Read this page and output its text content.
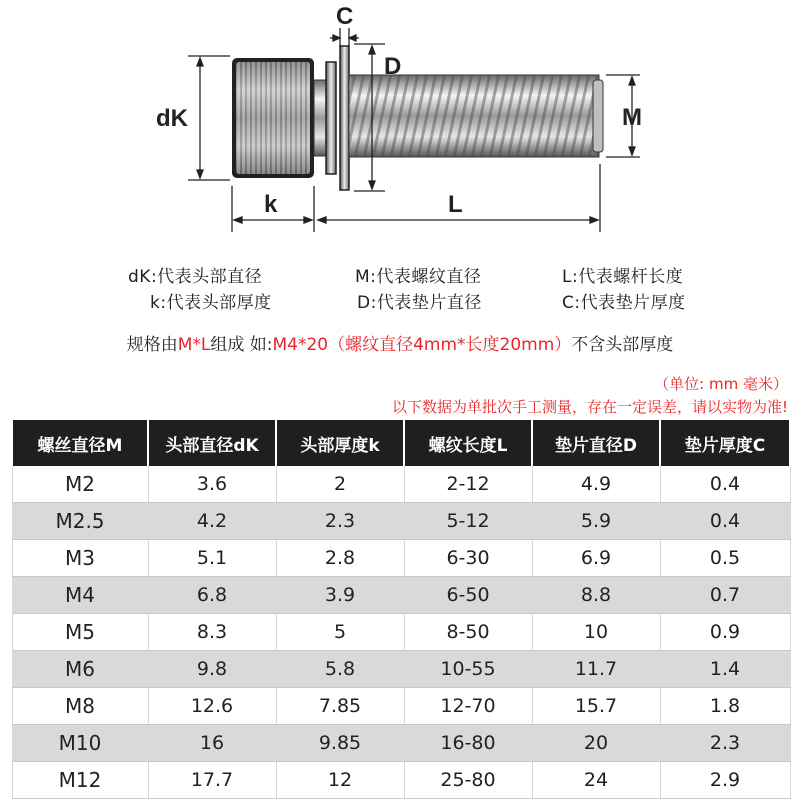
C
D
dK	M
k	L
dK:代表头部直径	M:代表螺纹直径	L:代表螺杆长度
k:代表头部厚度	D:代表垫片直径	C:代表垫片厚度
规格由M*L组成 如:M4*20（螺纹直径4mm*长度20mm）不含头部厚度
（单位: mm 毫米）
以下数据为单批次手工测量，存在一定误差，请以实物为准!
螺丝直径M	头部直径dK	头部厚度k	螺纹长度L	垫片直径D	垫片厚度C
M2	3.6	2	2-12	4.9	0.4
M2.5	4.2	2.3	5-12	5.9	0.4
M3	5.1	2.8	6-30	6.9	0.5
M4	6.8	3.9	6-50	8.8	0.7
M5	8.3	5	8-50	10	0.9
M6	9.8	5.8	10-55	11.7	1.4
M8	12.6	7.85	12-70	15.7	1.8
M10	16	9.85	16-80	20	2.3
M12	17.7	12	25-80	24	2.9
